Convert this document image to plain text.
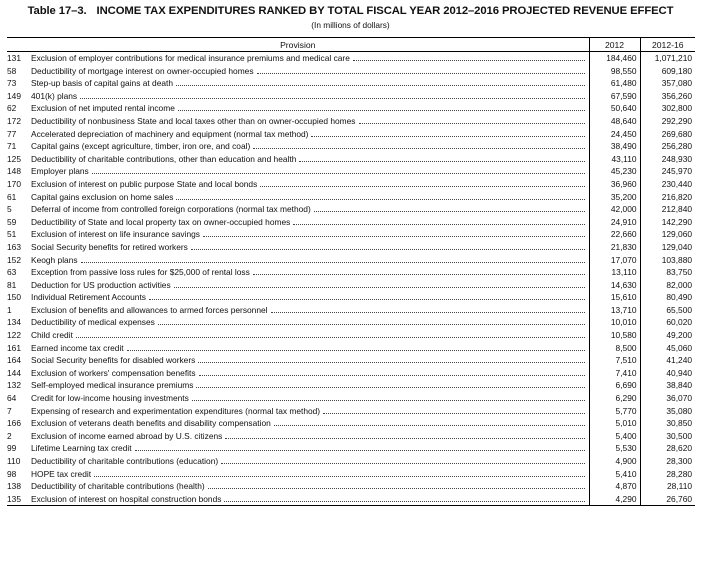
Table 17–3. INCOME TAX EXPENDITURES RANKED BY TOTAL FISCAL YEAR 2012–2016 PROJECTED REVENUE EFFECT
(In millions of dollars)
Provision		2012	2012-16
131	Exclusion of employer contributions for medical insurance premiums and medical care	184,460	1,071,210
58	Deductibility of mortgage interest on owner-occupied homes	98,550	609,180
73	Step-up basis of capital gains at death	61,480	357,080
149	401(k) plans	67,590	356,260
62	Exclusion of net imputed rental income	50,640	302,800
172	Deductibility of nonbusiness State and local taxes other than on owner-occupied homes	48,640	292,290
77	Accelerated depreciation of machinery and equipment (normal tax method)	24,450	269,680
71	Capital gains (except agriculture, timber, iron ore, and coal)	38,490	256,280
125	Deductibility of charitable contributions, other than education and health	43,110	248,930
148	Employer plans	45,230	245,970
170	Exclusion of interest on public purpose State and local bonds	36,960	230,440
61	Capital gains exclusion on home sales	35,200	216,820
5	Deferral of income from controlled foreign corporations (normal tax method)	42,000	212,840
59	Deductibility of State and local property tax on owner-occupied homes	24,910	142,290
51	Exclusion of interest on life insurance savings	22,660	129,060
163	Social Security benefits for retired workers	21,830	129,040
152	Keogh plans	17,070	103,880
63	Exception from passive loss rules for $25,000 of rental loss	13,110	83,750
81	Deduction for US production activities	14,630	82,000
150	Individual Retirement Accounts	15,610	80,490
1	Exclusion of benefits and allowances to armed forces personnel	13,710	65,500
134	Deductibility of medical expenses	10,010	60,020
122	Child credit	10,580	49,200
161	Earned income tax credit	8,500	45,060
164	Social Security benefits for disabled workers	7,510	41,240
144	Exclusion of workers' compensation benefits	7,410	40,940
132	Self-employed medical insurance premiums	6,690	38,840
64	Credit for low-income housing investments	6,290	36,070
7	Expensing of research and experimentation expenditures (normal tax method)	5,770	35,080
166	Exclusion of veterans death benefits and disability compensation	5,010	30,850
2	Exclusion of income earned abroad by U.S. citizens	5,400	30,500
99	Lifetime Learning tax credit	5,530	28,620
110	Deductibility of charitable contributions (education)	4,900	28,300
98	HOPE tax credit	5,410	28,280
138	Deductibility of charitable contributions (health)	4,870	28,110
135	Exclusion of interest on hospital construction bonds	4,290	26,760
